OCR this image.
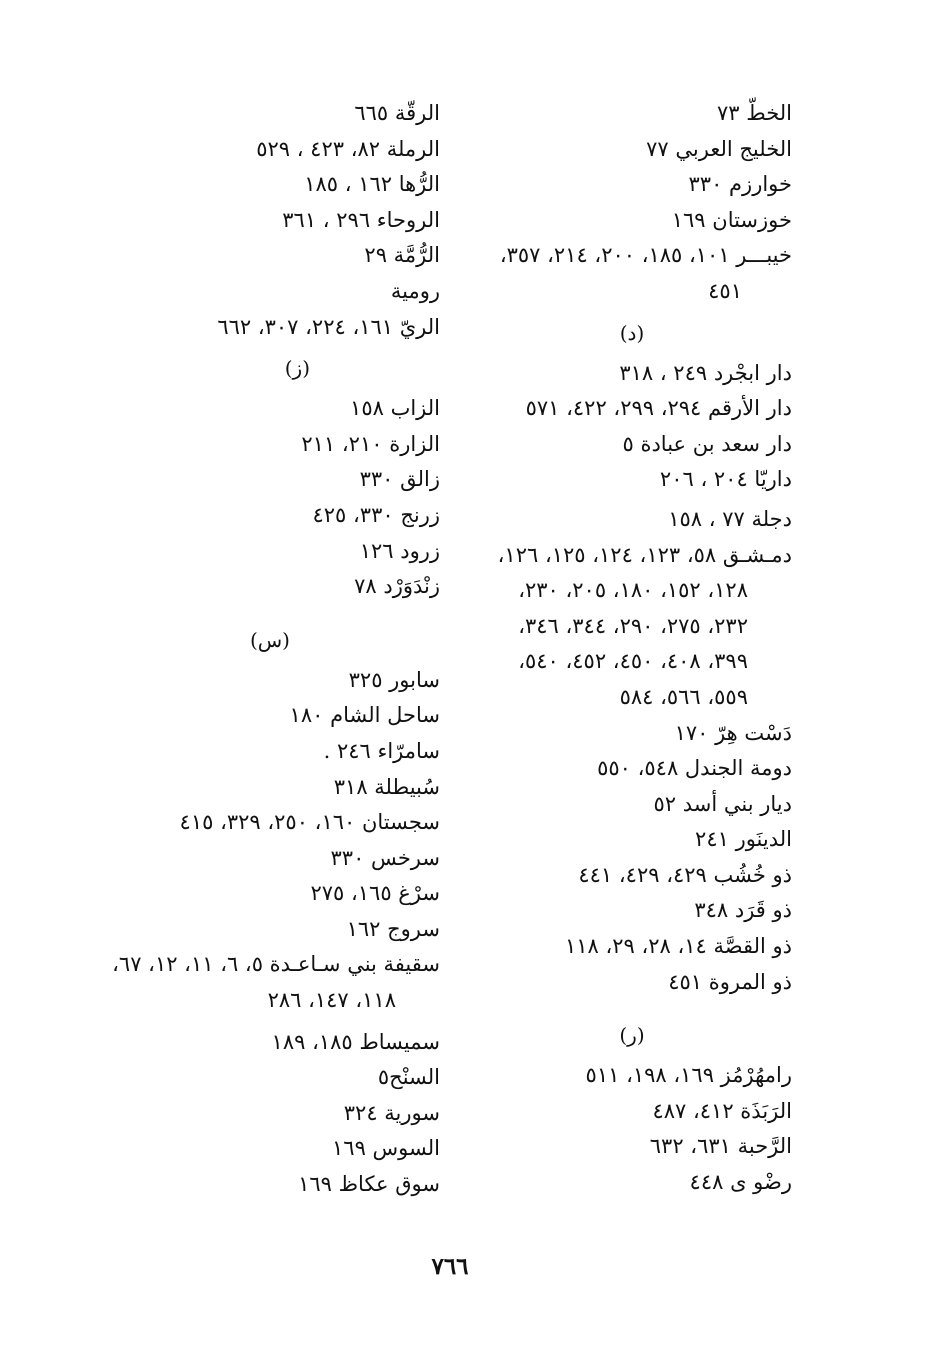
الخطّ ٧٣
الخليج العربي ٧٧
خوارزم ٣٣٠
خوزستان ١٦٩
خيبـــر ١٠١، ١٨٥، ٢٠٠، ٢١٤، ٣٥٧،
٤٥١
(د)
دار ابجْرد ٢٤٩ ، ٣١٨
دار الأرقم ٢٩٤، ٢٩٩، ٤٢٢، ٥٧١
دار سعد بن عبادة ٥
داريّا ٢٠٤ ، ٢٠٦
دجلة ٧٧ ، ١٥٨
دمـشـق ٥٨، ١٢٣، ١٢٤، ١٢٥، ١٢٦،
١٢٨، ١٥٢، ١٨٠، ٢٠٥، ٢٣٠،
٢٣٢، ٢٧٥، ٢٩٠، ٣٤٤، ٣٤٦،
٣٩٩، ٤٠٨، ٤٥٠، ٤٥٢، ٥٤٠،
٥٥٩، ٥٦٦، ٥٨٤
دَسْت هِرّ ١٧٠
دومة الجندل ٥٤٨، ٥٥٠
ديار بني أسد ٥٢
الدينَور ٢٤١
ذو خُشُب ٤٢٩، ٤٢٩، ٤٤١
ذو قَرَد ٣٤٨
ذو القصَّة ١٤، ٢٨، ٢٩، ١١٨
ذو المروة ٤٥١
(ر)
رامهُرْمُز ١٦٩، ١٩٨، ٥١١
الرَبَذَة ٤١٢، ٤٨٧
الرَّحبة ٦٣١، ٦٣٢
رضْو ى ٤٤٨
الرقّة ٦٦٥
الرملة ٨٢، ٤٢٣ ، ٥٢٩
الرُّها ١٦٢ ، ١٨٥
الروحاء ٢٩٦ ، ٣٦١
الرُّمَّة ٢٩
رومية
الريّ ١٦١، ٢٢٤، ٣٠٧، ٦٦٢
(ز)
الزاب ١٥٨
الزارة ٢١٠، ٢١١
زالق ٣٣٠
زرنج ٣٣٠، ٤٢٥
زرود ١٢٦
زنْدَوَرْد ٧٨
(س)
سابور ٣٢٥
ساحل الشام ١٨٠
سامرّاء ٢٤٦ .
سُبيطلة ٣١٨
سجستان ١٦٠، ٢٥٠، ٣٢٩، ٤١٥
سرخس ٣٣٠
سرْغ ١٦٥، ٢٧٥
سروج ١٦٢
سقيفة بني سـاعـدة ٥، ٦، ١١، ١٢، ٦٧،
١١٨، ١٤٧، ٢٨٦
سميساط ١٨٥، ١٨٩
السنْح٥
سورية ٣٢٤
السوس ١٦٩
سوق عكاظ ١٦٩
٧٦٦
